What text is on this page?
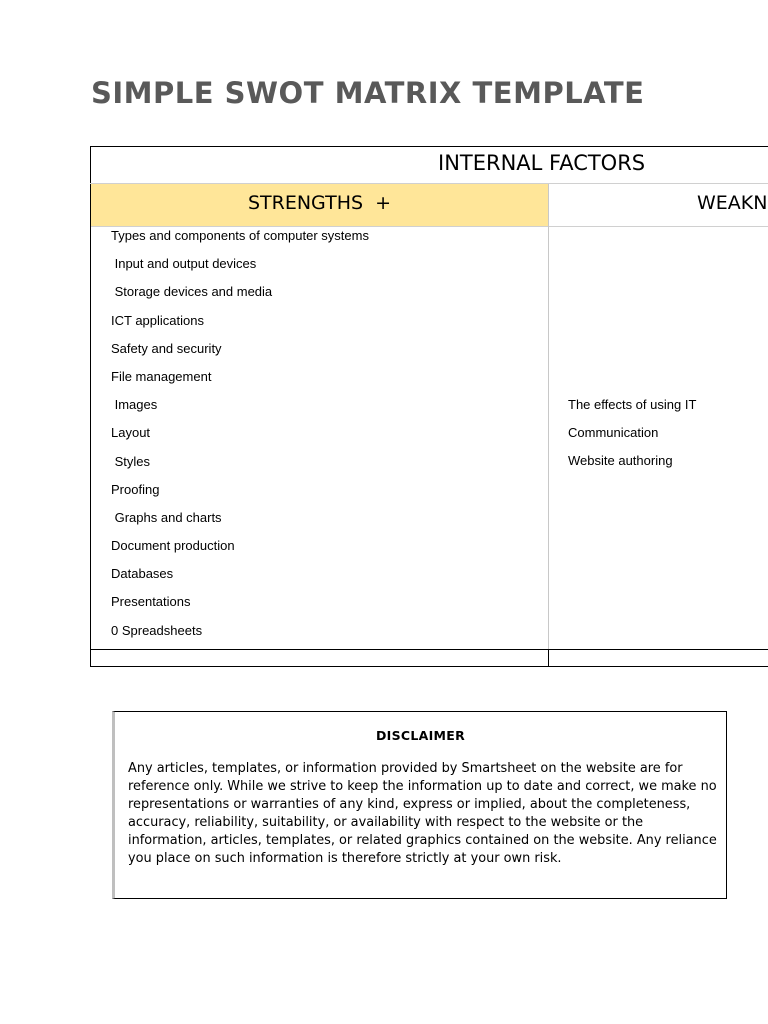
SIMPLE SWOT MATRIX TEMPLATE
INTERNAL FACTORS
STRENGTHS  +	WEAKN
Types and components of computer systems
Input and output devices
Storage devices and media
ICT applications
Safety and security
File management
Images
Layout
Styles
Proofing
Graphs and charts
Document production
Databases
Presentations
0 Spreadsheets
The effects of using IT
Communication
Website authoring
DISCLAIMER

Any articles, templates, or information provided by Smartsheet on the website are for reference only. While we strive to keep the information up to date and correct, we make no representations or warranties of any kind, express or implied, about the completeness, accuracy, reliability, suitability, or availability with respect to the website or the information, articles, templates, or related graphics contained on the website. Any reliance you place on such information is therefore strictly at your own risk.
